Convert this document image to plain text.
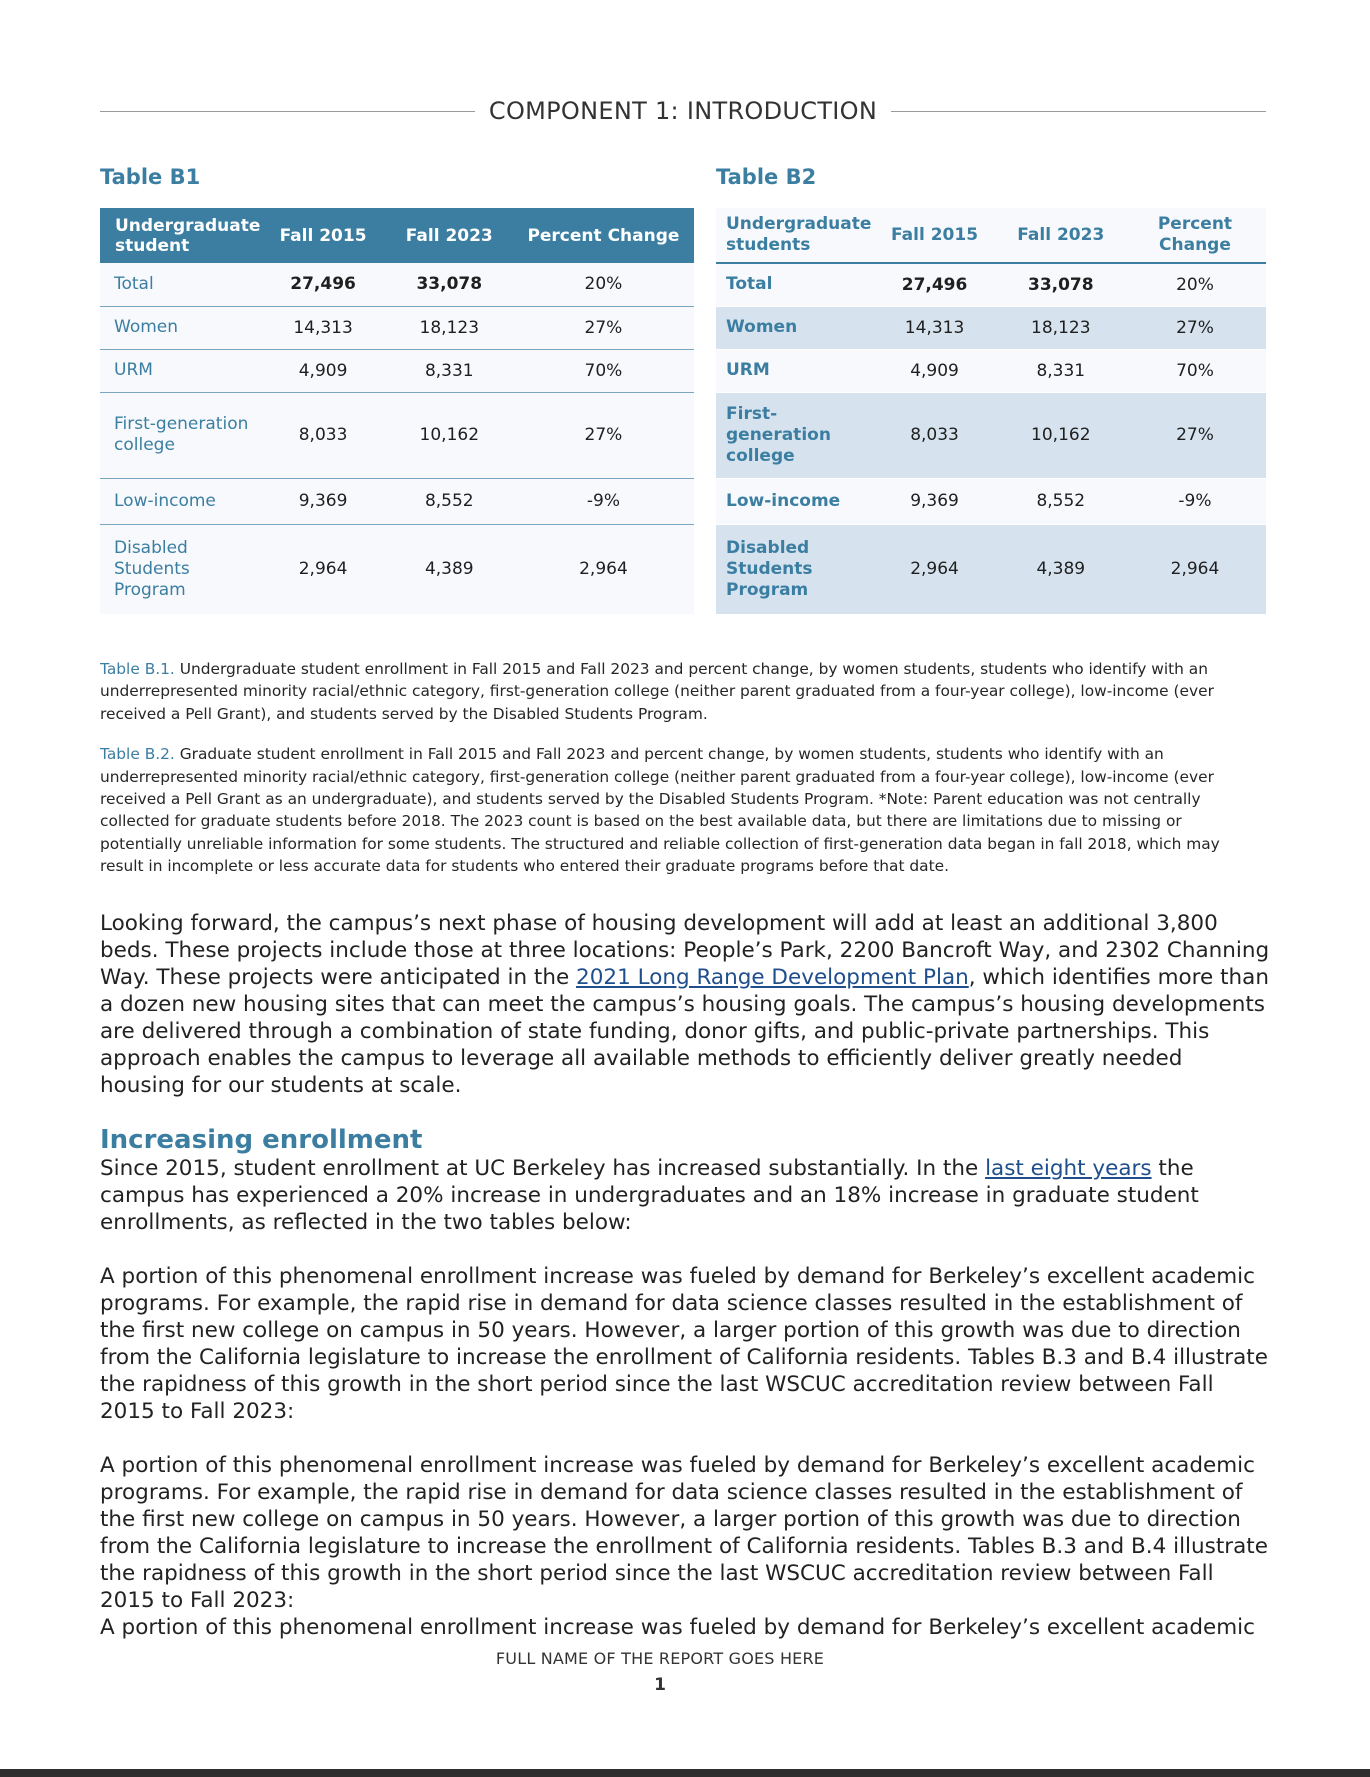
COMPONENT 1: INTRODUCTION
Table B1
Undergraduate student	Fall 2015	Fall 2023	Percent Change
Total	27,496	33,078	20%
Women	14,313	18,123	27%
URM	4,909	8,331	70%
First-generation college	8,033	10,162	27%
Low-income	9,369	8,552	-9%
Disabled Students Program	2,964	4,389	2,964
Table B2
Undergraduate students	Fall 2015	Fall 2023	Percent Change
Total	27,496	33,078	20%
Women	14,313	18,123	27%
URM	4,909	8,331	70%
First-generation college	8,033	10,162	27%
Low-income	9,369	8,552	-9%
Disabled Students Program	2,964	4,389	2,964

Table B.1. Undergraduate student enrollment in Fall 2015 and Fall 2023 and percent change, by women students, students who identify with an underrepresented minority racial/ethnic category, first-generation college (neither parent graduated from a four-year college), low-income (ever received a Pell Grant), and students served by the Disabled Students Program.

Table B.2. Graduate student enrollment in Fall 2015 and Fall 2023 and percent change, by women students, students who identify with an underrepresented minority racial/ethnic category, first-generation college (neither parent graduated from a four-year college), low-income (ever received a Pell Grant as an undergraduate), and students served by the Disabled Students Program. *Note: Parent education was not centrally collected for graduate students before 2018. The 2023 count is based on the best available data, but there are limitations due to missing or potentially unreliable information for some students. The structured and reliable collection of first-generation data began in fall 2018, which may result in incomplete or less accurate data for students who entered their graduate programs before that date.

Looking forward, the campus’s next phase of housing development will add at least an additional 3,800 beds. These projects include those at three locations: People’s Park, 2200 Bancroft Way, and 2302 Channing Way. These projects were anticipated in the 2021 Long Range Development Plan, which identifies more than a dozen new housing sites that can meet the campus’s housing goals. The campus’s housing developments are delivered through a combination of state funding, donor gifts, and public-private partnerships. This approach enables the campus to leverage all available methods to efficiently deliver greatly needed housing for our students at scale.

Increasing enrollment

Since 2015, student enrollment at UC Berkeley has increased substantially. In the last eight years the campus has experienced a 20% increase in undergraduates and an 18% increase in graduate student enrollments, as reflected in the two tables below:

A portion of this phenomenal enrollment increase was fueled by demand for Berkeley’s excellent academic programs. For example, the rapid rise in demand for data science classes resulted in the establishment of the first new college on campus in 50 years. However, a larger portion of this growth was due to direction from the California legislature to increase the enrollment of California residents. Tables B.3 and B.4 illustrate the rapidness of this growth in the short period since the last WSCUC accreditation review between Fall 2015 to Fall 2023:

A portion of this phenomenal enrollment increase was fueled by demand for Berkeley’s excellent academic programs. For example, the rapid rise in demand for data science classes resulted in the establishment of the first new college on campus in 50 years. However, a larger portion of this growth was due to direction from the California legislature to increase the enrollment of California residents. Tables B.3 and B.4 illustrate the rapidness of this growth in the short period since the last WSCUC accreditation review between Fall 2015 to Fall 2023:

A portion of this phenomenal enrollment increase was fueled by demand for Berkeley’s excellent academic

FULL NAME OF THE REPORT GOES HERE
1
